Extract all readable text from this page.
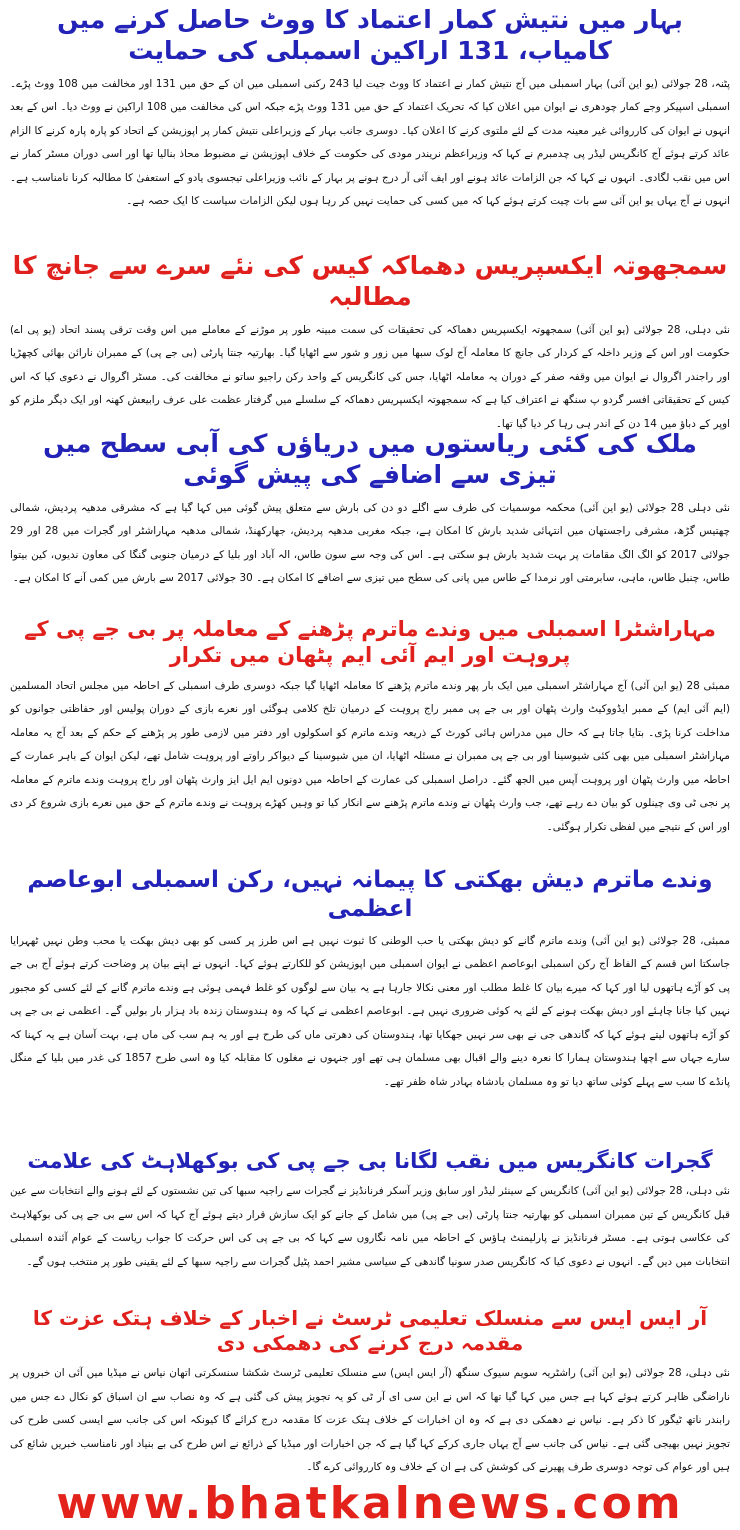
بہار میں نتیش کمار اعتماد کا ووٹ حاصل کرنے میں کامیاب، 131 اراکین اسمبلی کی حمایت

پٹنہ، 28 جولائی (یو این آئی) بہار اسمبلی میں آج نتیش کمار نے اعتماد کا ووٹ جیت لیا 243 رکنی اسمبلی میں ان کے حق میں 131 اور مخالفت میں 108 ووٹ پڑے۔ اسمبلی اسپیکر وجے کمار چودھری نے ایوان میں اعلان کیا کہ تحریک اعتماد کے حق میں 131 ووٹ پڑے جبکہ اس کی مخالفت میں 108 اراکین نے ووٹ دیا۔ اس کے بعد انہوں نے ایوان کی کارروائی غیر معینہ مدت کے لئے ملتوی کرنے کا اعلان کیا۔ دوسری جانب بہار کے وزیراعلی نتیش کمار پر اپوزیشن کے اتحاد کو پارہ پارہ کرنے کا الزام عائد کرتے ہوئے آج کانگریس لیڈر پی چدمبرم نے کہا کہ وزیراعظم نریندر مودی کی حکومت کے خلاف اپوزیشن نے مضبوط محاذ بنالیا تھا اور اسی دوران مسٹر کمار نے اس میں نقب لگادی۔ انہوں نے کہا کہ جن الزامات عائد ہونے اور ایف آئی آر درج ہونے پر بہار کے نائب وزیراعلی تیجسوی یادو کے استعفیٰ کا مطالبہ کرنا نامناسب ہے۔ انہوں نے آج یہاں یو این آئی سے بات چیت کرتے ہوئے کہا کہ میں کسی کی حمایت نہیں کر رہا ہوں لیکن الزامات سیاست کا ایک حصہ ہے۔

سمجھوتہ ایکسپریس دھماکہ کیس کی نئے سرے سے جانچ کا مطالبہ

نئی دہلی، 28 جولائی (یو این آئی) سمجھوتہ ایکسپریس دھماکہ کی تحقیقات کی سمت مبینہ طور پر موڑنے کے معاملے میں اس وقت ترقی پسند اتحاد (یو پی اے) حکومت اور اس کے وزیر داخلہ کے کردار کی جانچ کا معاملہ آج لوک سبھا میں زور و شور سے اٹھایا گیا۔ بھارتیہ جنتا پارٹی (بی جے پی) کے ممبران نارائن بھائی کچھڑیا اور راجندر اگروال نے ایوان میں وقفہ صفر کے دوران یہ معاملہ اٹھایا، جس کی کانگریس کے واحد رکن راجیو ساتو نے مخالفت کی۔ مسٹر اگروال نے دعوی کیا کہ اس کیس کے تحقیقاتی افسر گردو پ سنگھ نے اعتراف کیا ہے کہ سمجھوتہ ایکسپریس دھماکہ کے سلسلے میں گرفتار عظمت علی عرف رابیعش کھنہ اور ایک دیگر ملزم کو اوپر کے دباؤ میں 14 دن کے اندر ہی رہا کر دیا گیا تھا۔

ملک کی کئی ریاستوں میں دریاؤں کی آبی سطح میں تیزی سے اضافے کی پیش گوئی

نئی دہلی 28 جولائی (یو این آئی) محکمہ موسمیات کی طرف سے اگلے دو دن کی بارش سے متعلق پیش گوئی میں کہا گیا ہے کہ مشرقی مدھیہ پردیش، شمالی چھتیس گڑھ، مشرقی راجستھان میں انتہائی شدید بارش کا امکان ہے، جبکہ مغربی مدھیہ پردیش، جھارکھنڈ، شمالی مدھیہ مہاراشٹر اور گجرات میں 28 اور 29 جولائی 2017 کو الگ الگ مقامات پر بہت شدید بارش ہو سکتی ہے۔ اس کی وجہ سے سون طاس، الہ آباد اور بلیا کے درمیان جنوبی گنگا کی معاون ندیوں، کین بیتوا طاس، چنبل طاس، ماہی، سابرمتی اور نرمدا کے طاس میں پانی کی سطح میں تیزی سے اضافے کا امکان ہے۔ 30 جولائی 2017 سے بارش میں کمی آنے کا امکان ہے۔

مہاراشٹرا اسمبلی میں وندے ماترم پڑھنے کے معاملہ پر بی جے پی کے پروہت اور ایم آئی ایم پٹھان میں تکرار

ممبئی 28 (یو این آئی) آج مہاراشٹر اسمبلی میں ایک بار پھر وندے ماترم پڑھنے کا معاملہ اٹھایا گیا جبکہ دوسری طرف اسمبلی کے احاطہ میں مجلس اتحاد المسلمین (ایم آئی ایم) کے ممبر ایڈووکیٹ وارث پٹھان اور بی جے پی ممبر راج پروہت کے درمیان تلخ کلامی ہوگئی اور نعرے بازی کے دوران پولیس اور حفاظتی جوانوں کو مداخلت کرنا پڑی۔ بتایا جاتا ہے کہ حال میں مدراس ہائی کورٹ کے ذریعہ وندے ماترم کو اسکولوں اور دفتر میں لازمی طور پر پڑھنے کے حکم کے بعد آج یہ معاملہ مہاراشٹر اسمبلی میں بھی کئی شیوسینا اور بی جے پی ممبران نے مسئلہ اٹھایا، ان میں شیوسینا کے دیواکر راوتے اور پروہت شامل تھے، لیکن ایوان کے باہر عمارت کے احاطہ میں وارث پٹھان اور پروہت آپس میں الجھ گئے۔ دراصل اسمبلی کی عمارت کے احاطہ میں دونوں ایم ایل ایز وارث پٹھان اور راج پروہت وندے ماترم کے معاملہ پر نجی ٹی وی چینلوں کو بیان دے رہے تھے، جب وارث پٹھان نے وندے ماترم پڑھنے سے انکار کیا تو وہیں کھڑے پروہت نے وندے ماترم کے حق میں نعرے بازی شروع کر دی اور اس کے نتیجے میں لفظی تکرار ہوگئی۔

وندے ماترم دیش بھکتی کا پیمانہ نہیں، رکن اسمبلی ابوعاصم اعظمی

ممبئی، 28 جولائی (یو این آئی) وندے ماترم گانے کو دیش بھکتی یا حب الوطنی کا ثبوت نہیں ہے اس طرز پر کسی کو بھی دیش بھکت یا محب وطن نہیں ٹھہرایا جاسکتا اس قسم کے الفاظ آج رکن اسمبلی ابوعاصم اعظمی نے ایوان اسمبلی میں اپوزیشن کو للکارتے ہوئے کہا۔ انہوں نے اپنے بیان پر وضاحت کرتے ہوئے آج بی جے پی کو آڑے ہاتھوں لیا اور کہا کہ میرے بیان کا غلط مطلب اور معنی نکالا جارہا ہے یہ بیان سے لوگوں کو غلط فہمی ہوئی ہے وندے ماترم گانے کے لئے کسی کو مجبور نہیں کیا جانا چاہئے اور دیش بھکت ہونے کے لئے یہ کوئی ضروری نہیں ہے۔ ابوعاصم اعظمی نے کہا کہ وہ ہندوستان زندہ باد ہزار بار بولیں گے۔ اعظمی نے بی جے پی کو آڑے ہاتھوں لیتے ہوئے کہا کہ گاندھی جی نے بھی سر نہیں جھکایا تھا، ہندوستان کی دھرتی ماں کی طرح ہے اور یہ ہم سب کی ماں ہے، بہت آسان ہے یہ کہنا کہ سارے جہاں سے اچھا ہندوستان ہمارا کا نعرہ دینے والے اقبال بھی مسلمان ہی تھے اور جنہوں نے مغلوں کا مقابلہ کیا وہ اسی طرح 1857 کی غدر میں بلیا کے منگل پانڈے کا سب سے پہلے کوئی ساتھ دیا تو وہ مسلمان بادشاہ بہادر شاہ ظفر تھے۔

گجرات کانگریس میں نقب لگانا بی جے پی کی بوکھلاہٹ کی علامت

نئی دہلی، 28 جولائی (یو این آئی) کانگریس کے سینئر لیڈر اور سابق وزیر آسکر فرنانڈیز نے گجرات سے راجیہ سبھا کی تین نشستوں کے لئے ہونے والے انتخابات سے عین قبل کانگریس کے تین ممبران اسمبلی کو بھارتیہ جنتا پارٹی (بی جے پی) میں شامل کے جانے کو ایک سازش قرار دیتے ہوئے آج کہا کہ اس سے بی جے پی کی بوکھلاہٹ کی عکاسی ہوتی ہے۔ مسٹر فرنانڈیز نے پارلیمنٹ ہاؤس کے احاطہ میں نامہ نگاروں سے کہا کہ بی جے پی کی اس حرکت کا جواب ریاست کے عوام آئندہ اسمبلی انتخابات میں دیں گے۔ انہوں نے دعوی کیا کہ کانگریس صدر سونیا گاندھی کے سیاسی مشیر احمد پٹیل گجرات سے راجیہ سبھا کے لئے یقینی طور پر منتخب ہوں گے۔

آر ایس ایس سے منسلک تعلیمی ٹرسٹ نے اخبار کے خلاف ہتک عزت کا مقدمہ درج کرنے کی دھمکی دی

نئی دہلی، 28 جولائی (یو این آئی) راشٹریہ سویم سیوک سنگھ (آر ایس ایس) سے منسلک تعلیمی ٹرسٹ شکشا سنسکرتی اتھان نیاس نے میڈیا میں آئی ان خبروں پر ناراضگی ظاہر کرتے ہوئے کہا ہے جس میں کہا گیا تھا کہ اس نے این سی ای آر ٹی کو یہ تجویز پیش کی گئی ہے کہ وہ نصاب سے ان اسباق کو نکال دے جس میں رابندر ناتھ ٹیگور کا ذکر ہے۔ نیاس نے دھمکی دی ہے کہ وہ ان اخبارات کے خلاف ہتک عزت کا مقدمہ درج کرائے گا کیونکہ اس کی جانب سے ایسی کسی طرح کی تجویز نہیں بھیجی گئی ہے۔ نیاس کی جانب سے آج یہاں جاری کرکے کہا گیا ہے کہ جن اخبارات اور میڈیا کے ذرائع نے اس طرح کی بے بنیاد اور نامناسب خبریں شائع کی ہیں اور عوام کی توجہ دوسری طرف پھیرنے کی کوشش کی ہے ان کے خلاف وہ کارروائی کرے گا۔

www.bhatkalnews.com
